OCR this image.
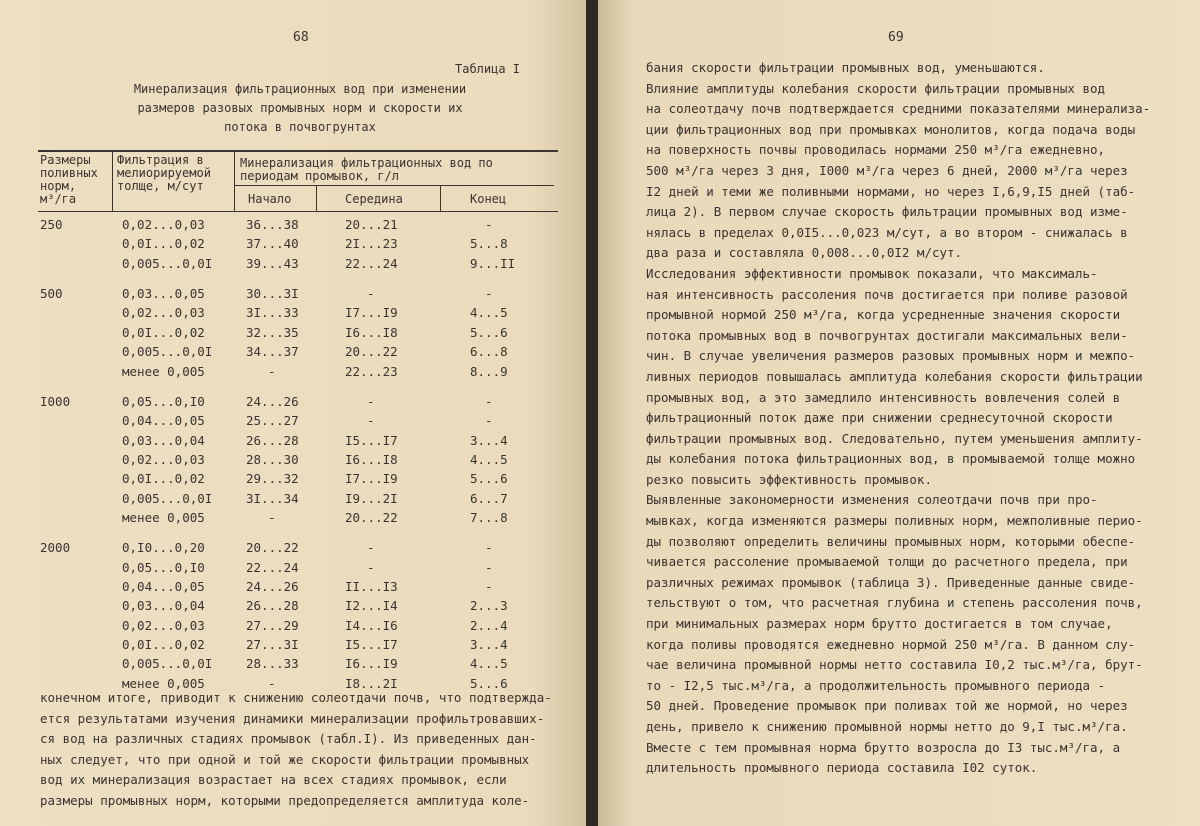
68
Таблица I
Минерализация фильтрационных вод при изменении
размеров разовых промывных норм и скорости их
потока в почвогрунтах
Размеры
поливных
норм,
м³/га
Фильтрация в
мелиорируемой
толще, м/сут
Минерализация фильтрационных вод по
периодам промывок, г/л
Начало	Середина	Конец
250	0,02...0,03	36...38	20...21	-
0,0I...0,02	37...40	2I...23	5...8
0,005...0,0I	39...43	22...24	9...II
500	0,03...0,05	30...3I	-	-
0,02...0,03	3I...33	I7...I9	4...5
0,0I...0,02	32...35	I6...I8	5...6
0,005...0,0I	34...37	20...22	6...8
менее 0,005	-	22...23	8...9
I000	0,05...0,I0	24...26	-	-
0,04...0,05	25...27	-	-
0,03...0,04	26...28	I5...I7	3...4
0,02...0,03	28...30	I6...I8	4...5
0,0I...0,02	29...32	I7...I9	5...6
0,005...0,0I	3I...34	I9...2I	6...7
менее 0,005	-	20...22	7...8
2000	0,I0...0,20	20...22	-	-
0,05...0,I0	22...24	-	-
0,04...0,05	24...26	II...I3	-
0,03...0,04	26...28	I2...I4	2...3
0,02...0,03	27...29	I4...I6	2...4
0,0I...0,02	27...3I	I5...I7	3...4
0,005...0,0I	28...33	I6...I9	4...5
менее 0,005	-	I8...2I	5...6
конечном итоге, приводит к снижению солеотдачи почв, что подтвержда-
ется результатами изучения динамики минерализации профильтровавших-
ся вод на различных стадиях промывок (табл.I). Из приведенных дан-
ных следует, что при одной и той же скорости фильтрации промывных
вод их минерализация возрастает на всех стадиях промывок, если
размеры промывных норм, которыми предопределяется амплитуда коле-
69
бания скорости фильтрации промывных вод, уменьшаются.
Влияние амплитуды колебания скорости фильтрации промывных вод
на солеотдачу почв подтверждается средними показателями минерализа-
ции фильтрационных вод при промывках монолитов, когда подача воды
на поверхность почвы проводилась нормами 250 м³/га ежедневно,
500 м³/га через 3 дня, I000 м³/га через 6 дней, 2000 м³/га через
I2 дней и теми же поливными нормами, но через I,6,9,I5 дней (таб-
лица 2). В первом случае скорость фильтрации промывных вод изме-
нялась в пределах 0,0I5...0,023 м/сут, а во втором - снижалась в
два раза и составляла 0,008...0,0I2 м/сут.
Исследования эффективности промывок показали, что максималь-
ная интенсивность рассоления почв достигается при поливе разовой
промывной нормой 250 м³/га, когда усредненные значения скорости
потока промывных вод в почвогрунтах достигали максимальных вели-
чин. В случае увеличения размеров разовых промывных норм и межпо-
ливных периодов повышалась амплитуда колебания скорости фильтрации
промывных вод, а это замедлило интенсивность вовлечения солей в
фильтрационный поток даже при снижении среднесуточной скорости
фильтрации промывных вод. Следовательно, путем уменьшения амплиту-
ды колебания потока фильтрационных вод, в промываемой толще можно
резко повысить эффективность промывок.
Выявленные закономерности изменения солеотдачи почв при про-
мывках, когда изменяются размеры поливных норм, межполивные перио-
ды позволяют определить величины промывных норм, которыми обеспе-
чивается рассоление промываемой толщи до расчетного предела, при
различных режимах промывок (таблица 3). Приведенные данные свиде-
тельствуют о том, что расчетная глубина и степень рассоления почв,
при минимальных размерах норм брутто достигается в том случае,
когда поливы проводятся ежедневно нормой 250 м³/га. В данном слу-
чае величина промывной нормы нетто составила I0,2 тыс.м³/га, брут-
то - I2,5 тыс.м³/га, а продолжительность промывного периода -
50 дней. Проведение промывок при поливах той же нормой, но через
день, привело к снижению промывной нормы нетто до 9,I тыс.м³/га.
Вместе с тем промывная норма брутто возросла до I3 тыс.м³/га, а
длительность промывного периода составила I02 суток.
